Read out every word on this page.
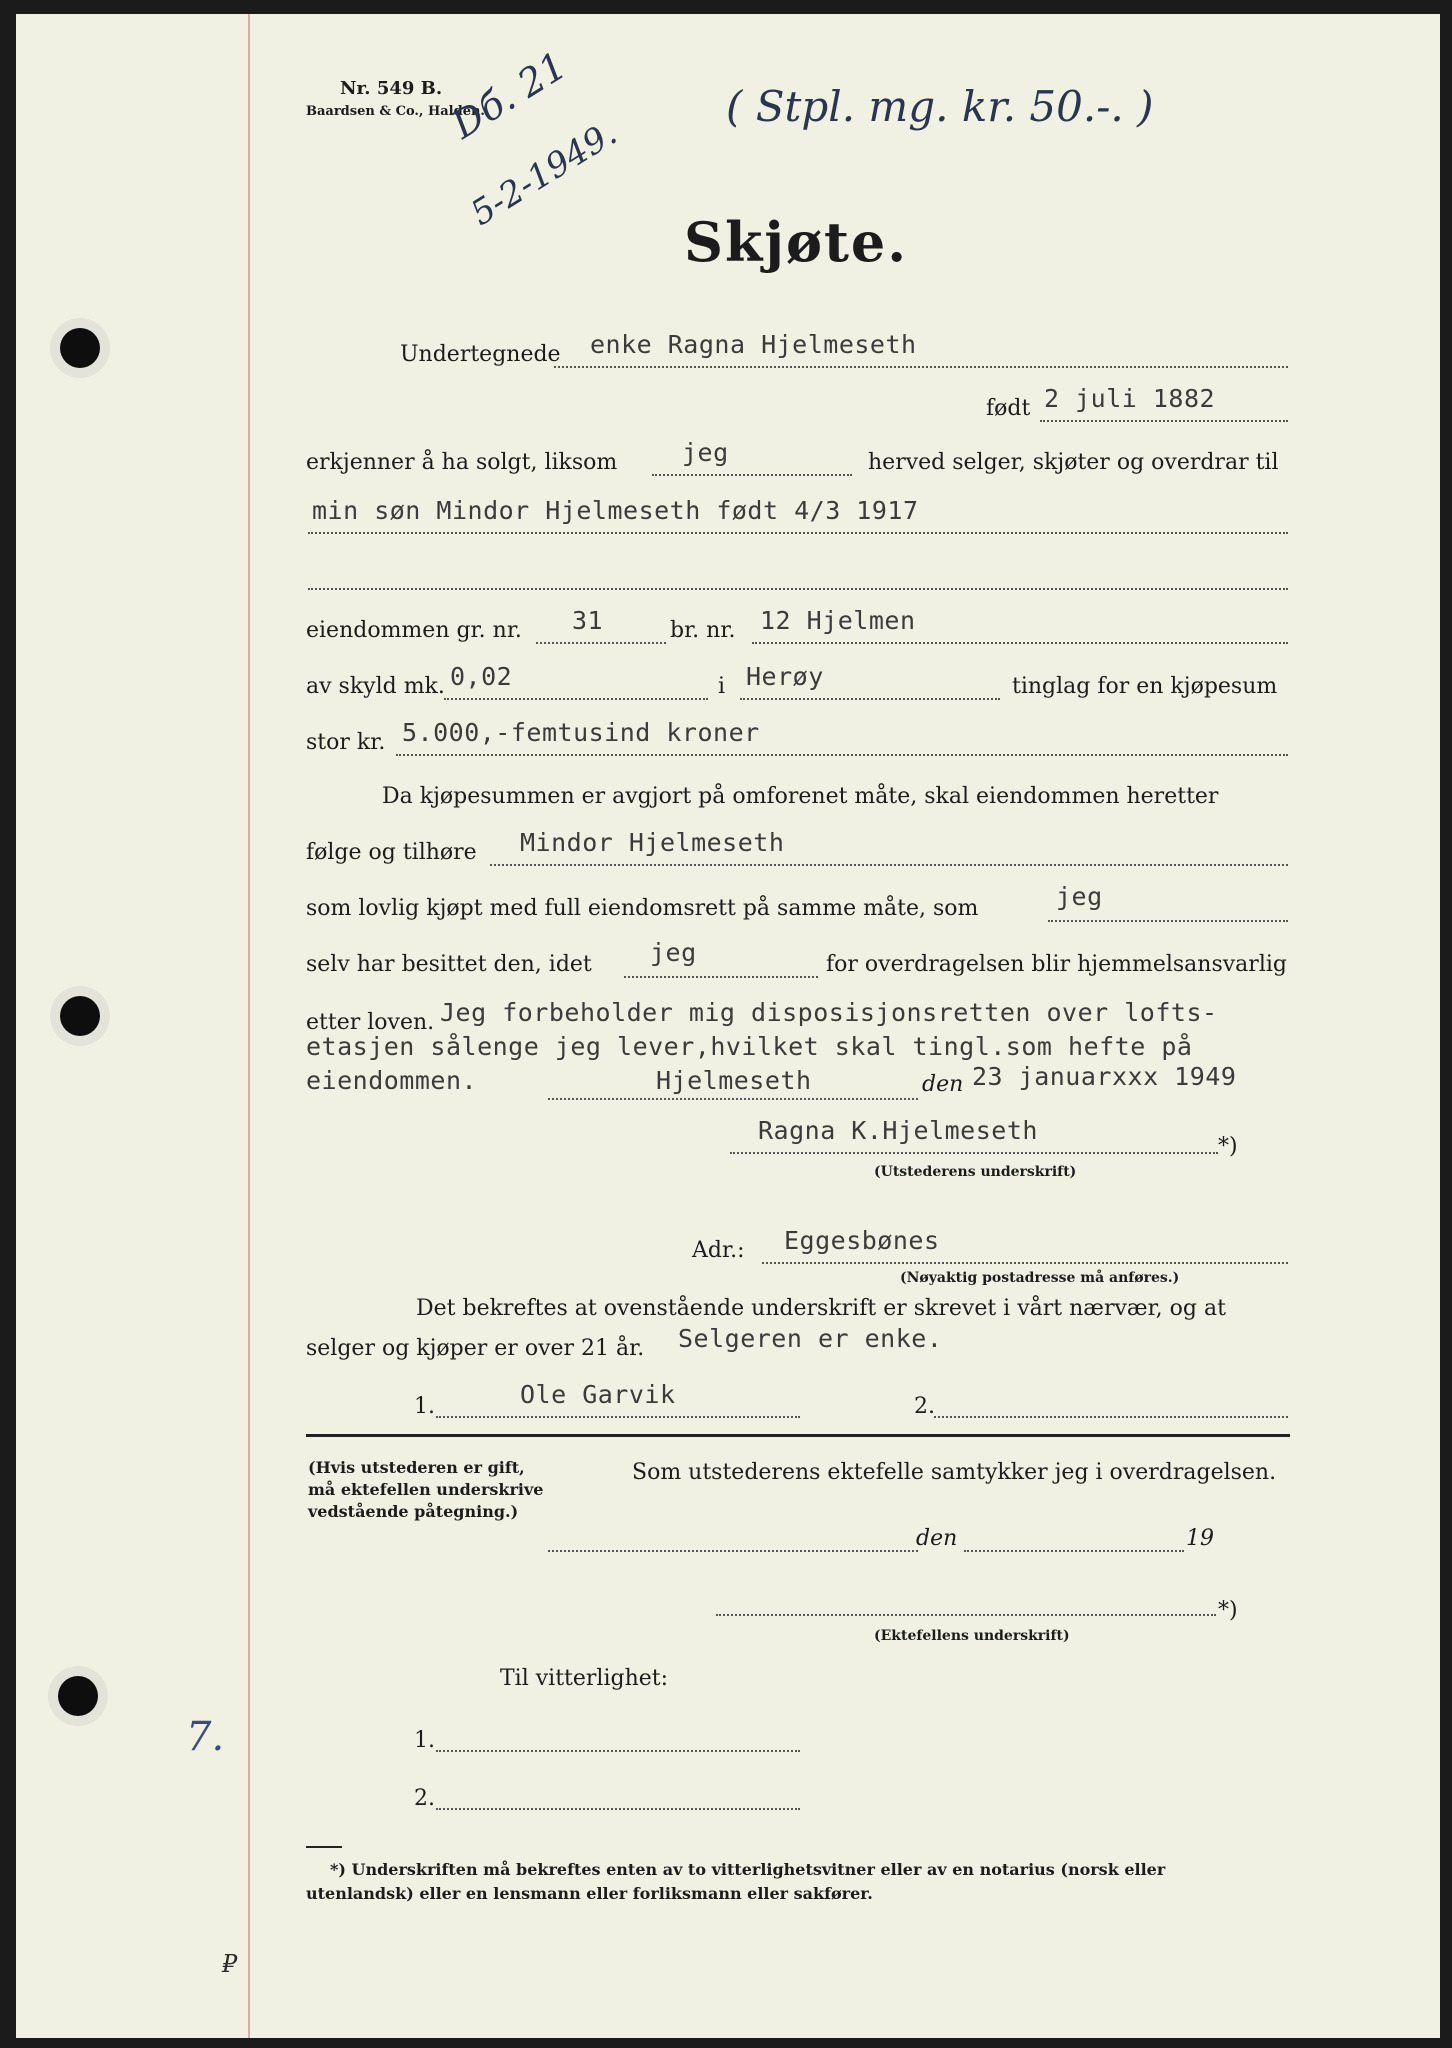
Nr. 549 B.
Baardsen & Co., Halden.
Dб. 21
5-2-1949.
( Stpl. mg. kr. 50.-. )
Skjøte.
Undertegnede enke Ragna Hjelmeseth
født 2 juli 1882
erkjenner å ha solgt, liksom	jeg	herved selger, skjøter og overdrar til
min søn Mindor Hjelmeseth født 4/3 1917
eiendommen gr. nr. 31	br. nr. 12 Hjelmen
av skyld mk. 0,02	i Herøy	tinglag for en kjøpesum
stor kr. 5.000,-femtusind kroner
Da kjøpesummen er avgjort på omforenet måte, skal eiendommen heretter
følge og tilhøre Mindor Hjelmeseth
som lovlig kjøpt med full eiendomsrett på samme måte, som	jeg
selv har besittet den, idet jeg	for overdragelsen blir hjemmelsansvarlig
etter loven. Jeg forbeholder mig disposisjonsretten over lofts-
etasjen sålenge jeg lever,hvilket skal tingl.som hefte på
eiendommen.	Hjelmeseth	den 23 januarxxx 1949
Ragna K.Hjelmeseth
*)
(Utstederens underskrift)
Adr.: Eggesbønes
(Nøyaktig postadresse må anføres.)
Det bekreftes at ovenstående underskrift er skrevet i vårt nærvær, og at
selger og kjøper er over 21 år. Selgeren er enke.
1.	Ole Garvik	2.
(Hvis utstederen er gift,
må ektefellen underskrive
vedstående påtegning.)
Som utstederens ektefelle samtykker jeg i overdragelsen.
den	19
*)
(Ektefellens underskrift)
Til vitterlighet:
1.
2.
*) Underskriften må bekreftes enten av to vitterlighetsvitner eller av en notarius (norsk eller
utenlandsk) eller en lensmann eller forliksmann eller sakfører.
7.
₽
